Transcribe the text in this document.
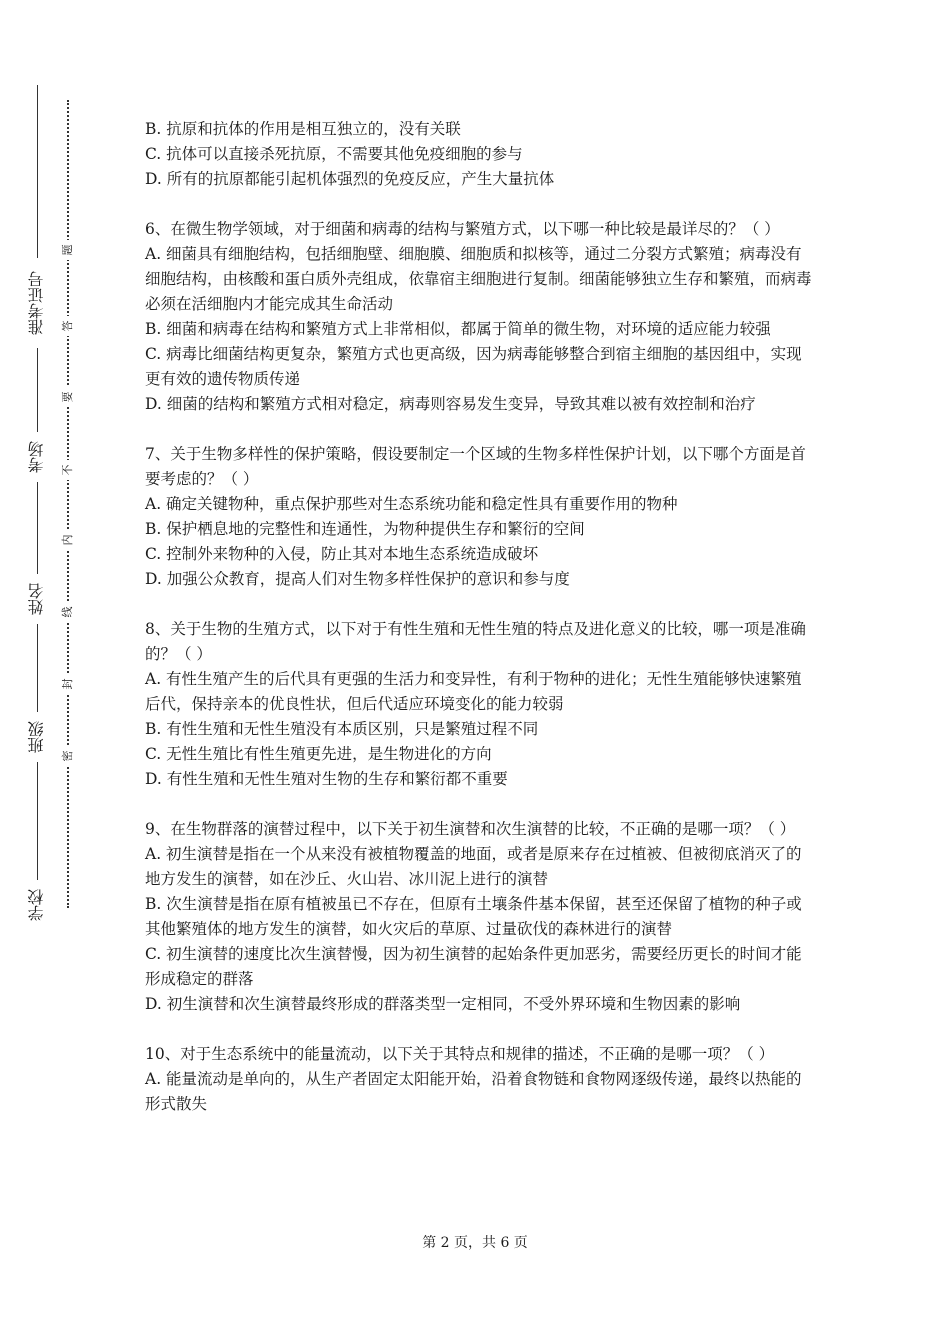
准考证号
考场
姓名
班级
学校
题
答
要
不
内
线
封
密

B. 抗原和抗体的作用是相互独立的，没有关联

C. 抗体可以直接杀死抗原，不需要其他免疫细胞的参与

D. 所有的抗原都能引起机体强烈的免疫反应，产生大量抗体

6、在微生物学领域，对于细菌和病毒的结构与繁殖方式，以下哪一种比较是最详尽的？（ ）

A. 细菌具有细胞结构，包括细胞壁、细胞膜、细胞质和拟核等，通过二分裂方式繁殖；病毒没有细胞结构，由核酸和蛋白质外壳组成，依靠宿主细胞进行复制。细菌能够独立生存和繁殖，而病毒必须在活细胞内才能完成其生命活动

B. 细菌和病毒在结构和繁殖方式上非常相似，都属于简单的微生物，对环境的适应能力较强

C. 病毒比细菌结构更复杂，繁殖方式也更高级，因为病毒能够整合到宿主细胞的基因组中，实现更有效的遗传物质传递

D. 细菌的结构和繁殖方式相对稳定，病毒则容易发生变异，导致其难以被有效控制和治疗

7、关于生物多样性的保护策略，假设要制定一个区域的生物多样性保护计划，以下哪个方面是首要考虑的？（ ）

A. 确定关键物种，重点保护那些对生态系统功能和稳定性具有重要作用的物种

B. 保护栖息地的完整性和连通性，为物种提供生存和繁衍的空间

C. 控制外来物种的入侵，防止其对本地生态系统造成破坏

D. 加强公众教育，提高人们对生物多样性保护的意识和参与度

8、关于生物的生殖方式，以下对于有性生殖和无性生殖的特点及进化意义的比较，哪一项是准确的？（ ）

A. 有性生殖产生的后代具有更强的生活力和变异性，有利于物种的进化；无性生殖能够快速繁殖后代，保持亲本的优良性状，但后代适应环境变化的能力较弱

B. 有性生殖和无性生殖没有本质区别，只是繁殖过程不同

C. 无性生殖比有性生殖更先进，是生物进化的方向

D. 有性生殖和无性生殖对生物的生存和繁衍都不重要

9、在生物群落的演替过程中，以下关于初生演替和次生演替的比较，不正确的是哪一项？（ ）

A. 初生演替是指在一个从来没有被植物覆盖的地面，或者是原来存在过植被、但被彻底消灭了的地方发生的演替，如在沙丘、火山岩、冰川泥上进行的演替

B. 次生演替是指在原有植被虽已不存在，但原有土壤条件基本保留，甚至还保留了植物的种子或其他繁殖体的地方发生的演替，如火灾后的草原、过量砍伐的森林进行的演替

C. 初生演替的速度比次生演替慢，因为初生演替的起始条件更加恶劣，需要经历更长的时间才能形成稳定的群落

D. 初生演替和次生演替最终形成的群落类型一定相同，不受外界环境和生物因素的影响

10、对于生态系统中的能量流动，以下关于其特点和规律的描述，不正确的是哪一项？（ ）

A. 能量流动是单向的，从生产者固定太阳能开始，沿着食物链和食物网逐级传递，最终以热能的形式散失

第 2 页，共 6 页
